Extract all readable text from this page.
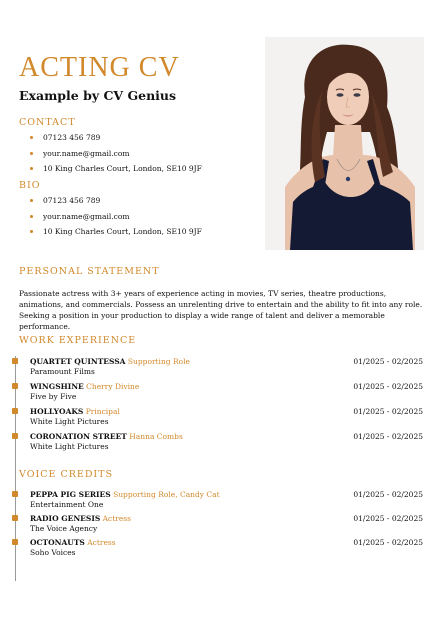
ACTING CV
Example by CV Genius
CONTACT
07123 456 789
your.name@gmail.com
10 King Charles Court, London, SE10 9JF
BIO
07123 456 789
your.name@gmail.com
10 King Charles Court, London, SE10 9JF
PERSONAL STATEMENT

Passionate actress with 3+ years of experience acting in movies, TV series, theatre productions, animations, and commercials. Possess an unrelenting drive to entertain and the ability to fit into any role. Seeking a position in your production to display a wide range of talent and deliver a memorable performance.

WORK EXPERIENCE
QUARTET QUINTESSA Supporting Role
Paramount Films
01/2025 - 02/2025
WINGSHINE Cherry Divine
Five by Five
01/2025 - 02/2025
HOLLYOAKS Principal
White Light Pictures
01/2025 - 02/2025
CORONATION STREET Hanna Combs
White Light Pictures
01/2025 - 02/2025
VOICE CREDITS
PEPPA PIG SERIES Supporting Role, Candy Cat
Entertainment One
01/2025 - 02/2025
RADIO GENESIS Actress
The Voice Agency
01/2025 - 02/2025
OCTONAUTS Actress
Soho Voices
01/2025 - 02/2025
